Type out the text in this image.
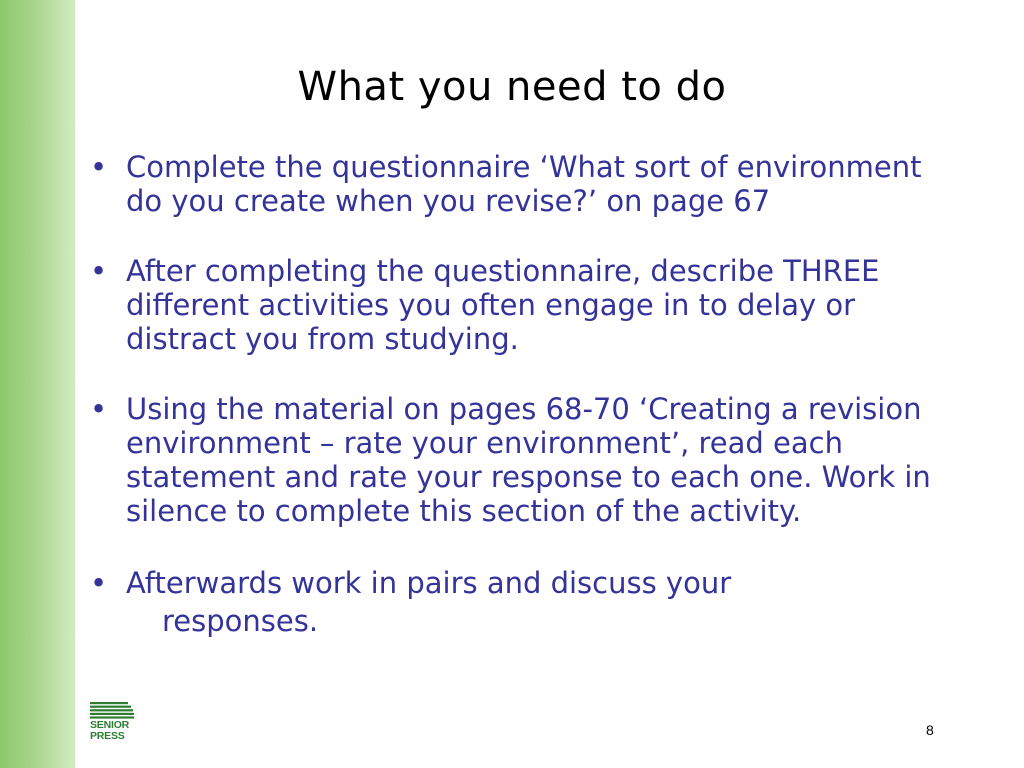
What you need to do
• Complete the questionnaire ‘What sort of environment do you create when you revise?’ on page 67
• After completing the questionnaire, describe THREE different activities you often engage in to delay or distract you from studying.
• Using the material on pages 68-70 ‘Creating a revision environment – rate your environment’, read each statement and rate your response to each one. Work in silence to complete this section of the activity.
• Afterwards work in pairs and discuss your
responses.
SENIOR
PRESS	8
